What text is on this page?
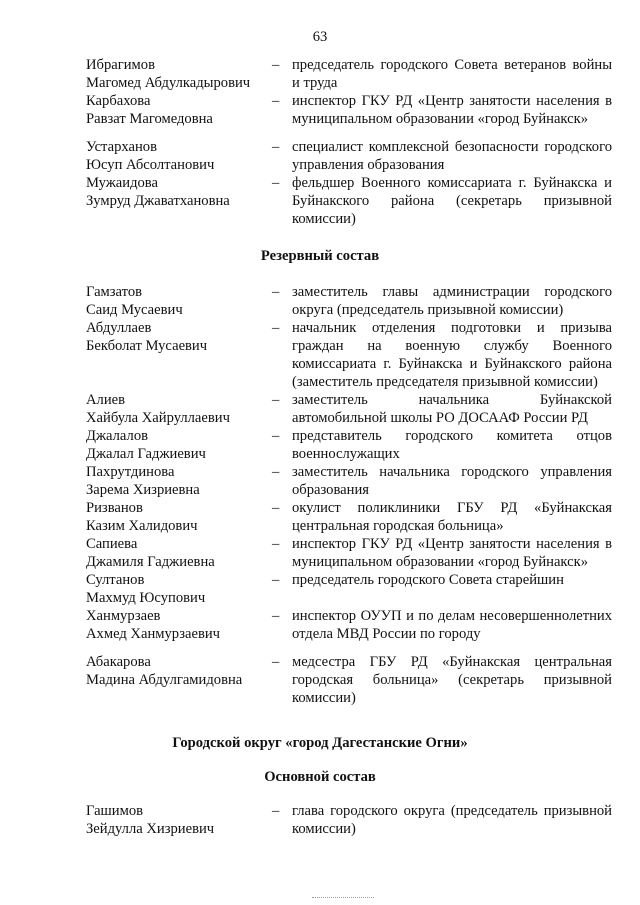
63
Ибрагимов
Магомед Абдулкадырович
– председатель городского Совета ветеранов войны и труда
Карбахова
Равзат Магомедовна
– инспектор ГКУ РД «Центр занятости населения в муниципальном образовании «город Буйнакск»
Устарханов
Юсуп Абсолтанович
– специалист комплексной безопасности городского управления образования
Мужаидова
Зумруд Джаватхановна
– фельдшер Военного комиссариата г. Буйнакска и Буйнакского района (секретарь призывной комиссии)
Резервный состав
Гамзатов
Саид Мусаевич
– заместитель главы администрации городского округа (председатель призывной комиссии)
Абдуллаев
Бекболат Мусаевич
– начальник отделения подготовки и призыва граждан на военную службу Военного комиссариата г. Буйнакска и Буйнакского района (заместитель председателя призывной комиссии)
Алиев
Хайбула Хайруллаевич
– заместитель начальника Буйнакской автомобильной школы РО ДОСААФ России РД
Джалалов
Джалал Гаджиевич
– представитель городского комитета отцов военнослужащих
Пахрутдинова
Зарема Хизриевна
– заместитель начальника городского управления образования
Ризванов
Казим Халидович
– окулист поликлиники ГБУ РД «Буйнакская центральная городская больница»
Сапиева
Джамиля Гаджиевна
– инспектор ГКУ РД «Центр занятости населения в муниципальном образовании «город Буйнакск»
Султанов
Махмуд Юсупович
– председатель городского Совета старейшин
Ханмурзаев
Ахмед Ханмурзаевич
– инспектор ОУУП и по делам несовершеннолетних отдела МВД России по городу
Абакарова
Мадина Абдулгамидовна
– медсестра ГБУ РД «Буйнакская центральная городская больница» (секретарь призывной комиссии)
Городской округ «город Дагестанские Огни»
Основной состав
Гашимов
Зейдулла Хизриевич
– глава городского округа (председатель призывной комиссии)
